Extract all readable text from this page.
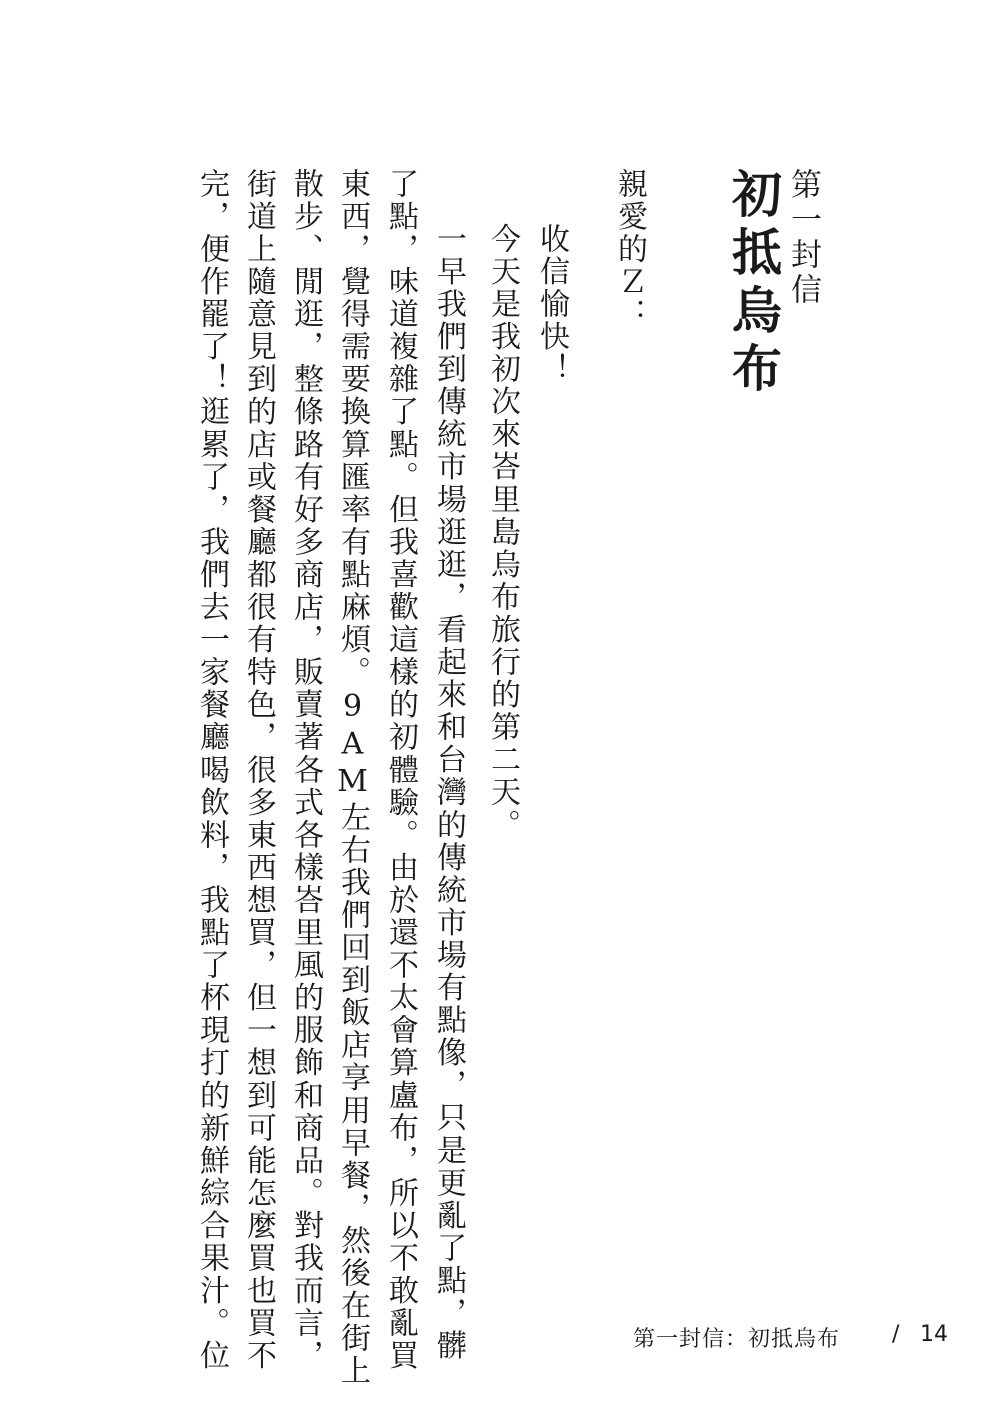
第一封信
初抵烏布
親愛的Ｚ：
收信愉快！
今天是我初次來峇里島烏布旅行的第二天。
一早我們到傳統市場逛逛，看起來和台灣的傳統市場有點像，只是更亂了點，髒
了點，味道複雜了點。但我喜歡這樣的初體驗。由於還不太會算盧布，所以不敢亂買
東西，覺得需要換算匯率有點麻煩。9AM左右我們回到飯店享用早餐，然後在街上
散步、閒逛，整條路有好多商店，販賣著各式各樣峇里風的服飾和商品。對我而言，
街道上隨意見到的店或餐廳都很有特色，很多東西想買，但一想到可能怎麼買也買不
完，便作罷了！逛累了，我們去一家餐廳喝飲料，我點了杯現打的新鮮綜合果汁。位	第一封信：初抵烏布 / 14
